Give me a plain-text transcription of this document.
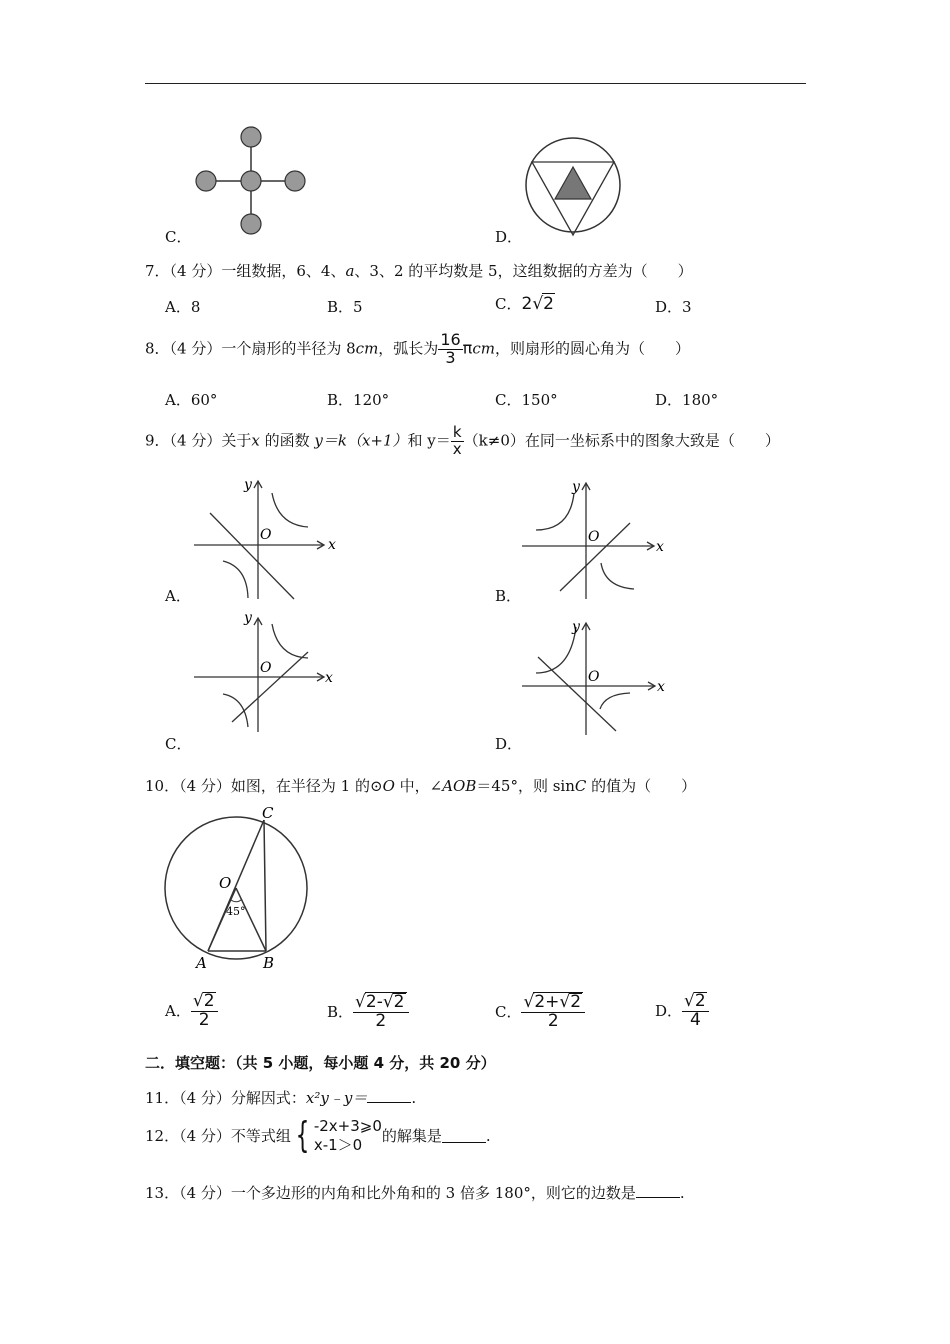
C．	D．
7．（4 分）一组数据，6、4、a、3、2 的平均数是 5，这组数据的方差为（　　）
A．8	B．5	C．2 √ 2	D．3
8．（4 分）一个扇形的半径为 8cm，弧长为 $\frac{16}{3}$ πcm，则扇形的圆心角为（　　）
A．60°	B．120°	C．150°	D．180°
9．（4 分）关于x 的函数 y＝k（x+1）和 $y= \frac{k}{x} (k\ne 0)$在同一坐标系中的图象大致是（　　）
x
y
O
A．
x
y
O
B．
x
y
O
C．
x
y
O
D．
10．（4 分）如图，在半径为 1 的⊙O 中，∠AOB＝45°，则 sinC 的值为（　　）
C
O
45°
A	B
A． $\frac{√ 2}{2}$	B． $\frac{√ 2- √ 2}{2}$	C． $\frac{√ 2+ √ 2}{2}$	D． $\frac{√ 2}{4}$
二．填空题：（共 5 小题，每小题 4 分，共 20 分）
11．（4 分）分解因式：x²y﹣y＝	.
12．（4 分）不等式组 { -2x+3⩾0
x-1＞0	的解集是	.
13．（4 分）一个多边形的内角和比外角和的 3 倍多 180°，则它的边数是	.
